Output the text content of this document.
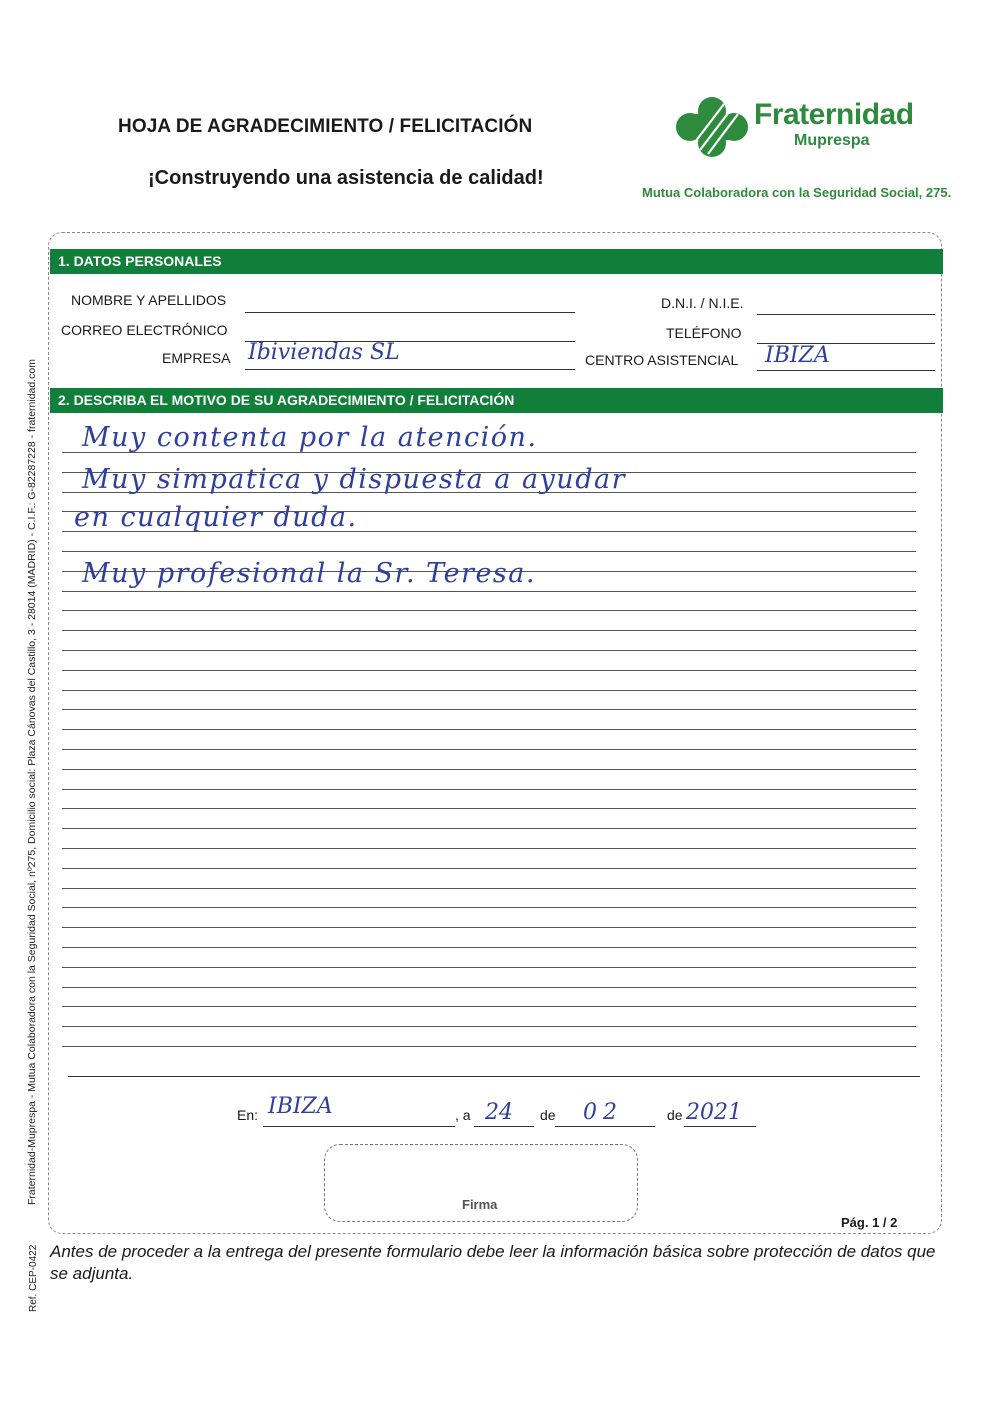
HOJA DE AGRADECIMIENTO / FELICITACIÓN
¡Construyendo una asistencia de calidad!
Fraternidad
Muprespa
Mutua Colaboradora con la Seguridad Social, 275.
1. DATOS PERSONALES
NOMBRE Y APELLIDOS	D.N.I. / N.I.E.
CORREO ELECTRÓNICO	TELÉFONO
EMPRESA Ibiviendas SL	CENTRO ASISTENCIAL IBIZA
2. DESCRIBA EL MOTIVO DE SU AGRADECIMIENTO / FELICITACIÓN
Muy contenta por la atención.
Muy simpatica y dispuesta a ayudar
en cualquier duda.
Muy profesional la Sr. Teresa.
En: IBIZA	, a 24 de 02	de 2021
Firma
Pág. 1 / 2
Antes de proceder a la entrega del presente formulario debe leer la información básica sobre protección de datos que se adjunta.
Fraternidad-Muprespa - Mutua Colaboradora con la Seguridad Social, nº275, Domicilio social: Plaza Cánovas del Castillo, 3 - 28014 (MADRID) - C.I.F.: G-82287228 - fraternidad.com
Ref. CEP-0422
